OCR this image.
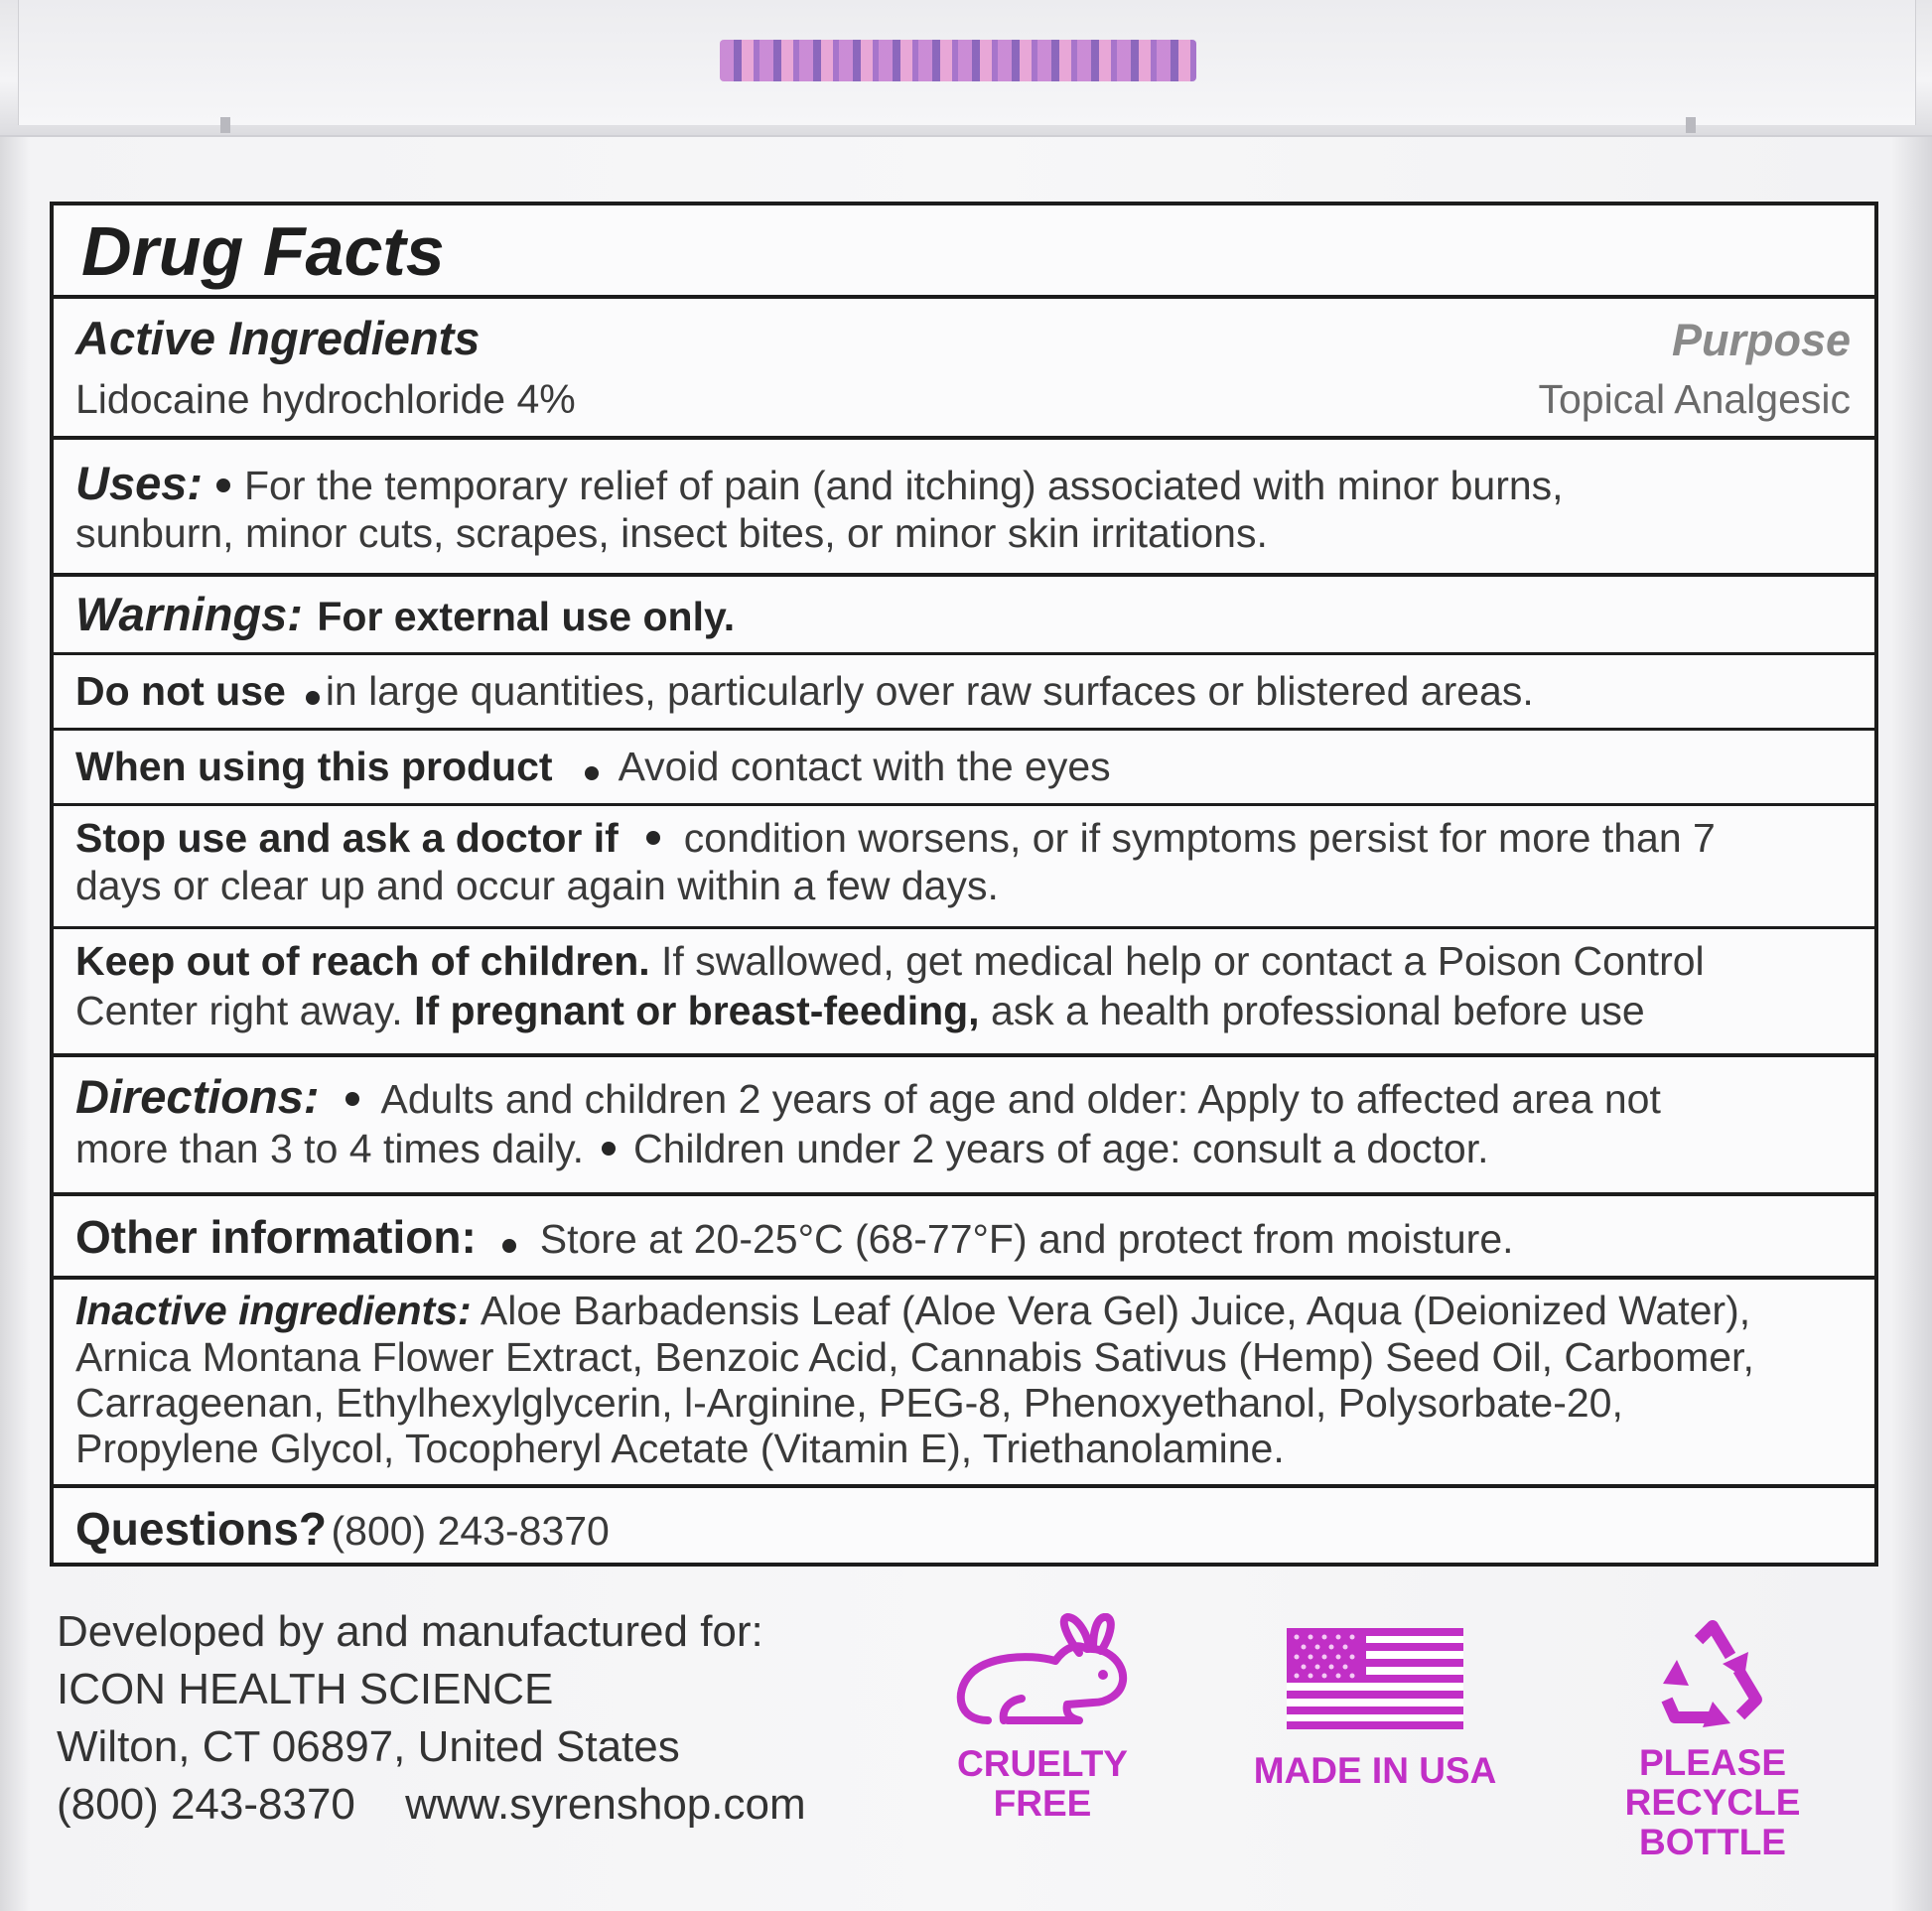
Drug Facts
Active Ingredients	Purpose
Lidocaine hydrochloride 4%	Topical Analgesic
Uses: For the temporary relief of pain (and itching) associated with minor burns,
sunburn, minor cuts, scrapes, insect bites, or minor skin irritations.
Warnings: For external use only.
Do not use in large quantities, particularly over raw surfaces or blistered areas.
When using this product Avoid contact with the eyes
Stop use and ask a doctor if condition worsens, or if symptoms persist for more than 7
days or clear up and occur again within a few days.
Keep out of reach of children. If swallowed, get medical help or contact a Poison Control
Center right away. If pregnant or breast-feeding, ask a health professional before use
Directions: Adults and children 2 years of age and older: Apply to affected area not
more than 3 to 4 times daily. Children under 2 years of age: consult a doctor.
Other information: Store at 20-25°C (68-77°F) and protect from moisture.
Inactive ingredients: Aloe Barbadensis Leaf (Aloe Vera Gel) Juice, Aqua (Deionized Water),
Arnica Montana Flower Extract, Benzoic Acid, Cannabis Sativus (Hemp) Seed Oil, Carbomer,
Carrageenan, Ethylhexylglycerin, l-Arginine, PEG-8, Phenoxyethanol, Polysorbate-20,
Propylene Glycol, Tocopheryl Acetate (Vitamin E), Triethanolamine.
Questions? (800) 243-8370
Developed by and manufactured for:
ICON HEALTH SCIENCE
Wilton, CT 06897, United States
(800) 243-8370 www.syrenshop.com
CRUELTY FREE
MADE IN USA	PLEASE RECYCLE
BOTTLE
